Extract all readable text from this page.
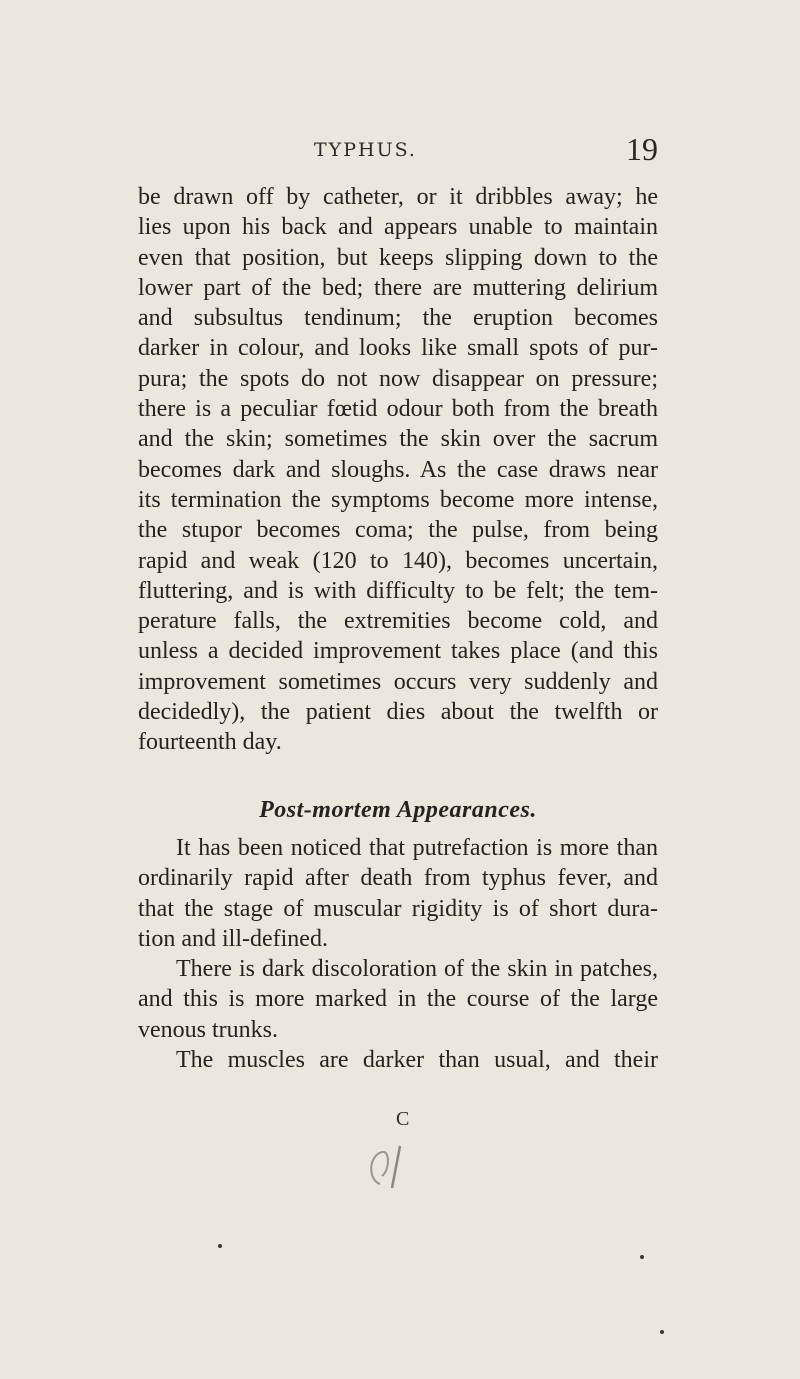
TYPHUS.	19
be drawn off by catheter, or it dribbles away; he
lies upon his back and appears unable to maintain
even that position, but keeps slipping down to the
lower part of the bed; there are muttering delirium
and subsultus tendinum; the eruption becomes
darker in colour, and looks like small spots of pur-
pura; the spots do not now disappear on pressure;
there is a peculiar fœtid odour both from the breath
and the skin; sometimes the skin over the sacrum
becomes dark and sloughs. As the case draws near
its termination the symptoms become more intense,
the stupor becomes coma; the pulse, from being
rapid and weak (120 to 140), becomes uncertain,
fluttering, and is with difficulty to be felt; the tem-
perature falls, the extremities become cold, and
unless a decided improvement takes place (and this
improvement sometimes occurs very suddenly and
decidedly), the patient dies about the twelfth or
fourteenth day.
Post-mortem Appearances.
It has been noticed that putrefaction is more than
ordinarily rapid after death from typhus fever, and
that the stage of muscular rigidity is of short dura-
tion and ill-defined.
There is dark discoloration of the skin in patches,
and this is more marked in the course of the large
venous trunks.
The muscles are darker than usual, and their
C
